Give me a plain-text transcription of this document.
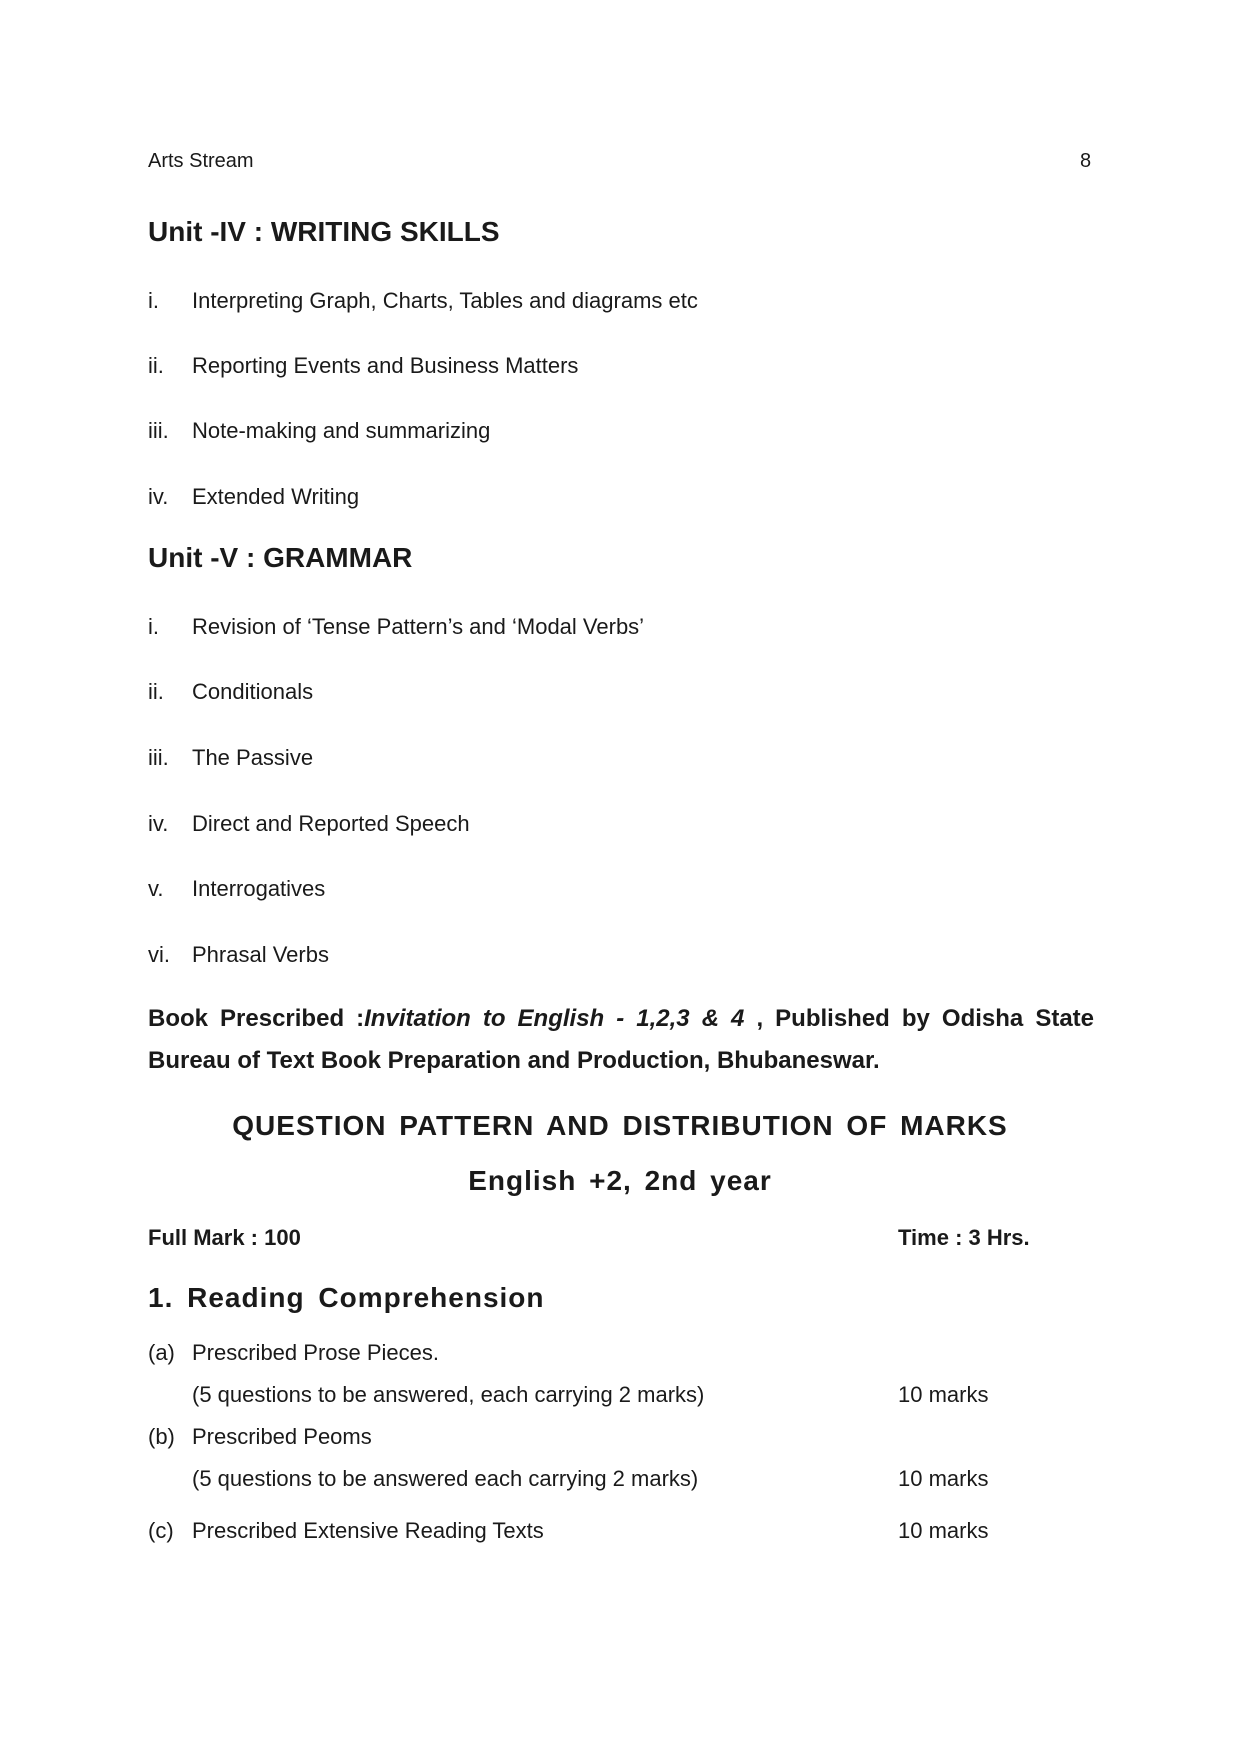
Arts Stream	8
Unit -IV : WRITING SKILLS
i. Interpreting Graph, Charts, Tables and diagrams etc
ii. Reporting Events and Business Matters
iii. Note-making and summarizing
iv. Extended Writing
Unit -V : GRAMMAR
i. Revision of ‘Tense Pattern’s and ‘Modal Verbs’
ii. Conditionals
iii. The Passive
iv. Direct and Reported Speech
v. Interrogatives
vi. Phrasal Verbs
Book Prescribed :Invitation to English - 1,2,3 & 4 , Published by Odisha State Bureau of Text Book Preparation and Production, Bhubaneswar.
QUESTION PATTERN AND DISTRIBUTION OF MARKS
English +2, 2nd year
Full Mark : 100	Time : 3 Hrs.
1. Reading Comprehension
(a) Prescribed Prose Pieces.
(5 questions to be answered, each carrying 2 marks)	10 marks
(b) Prescribed Peoms
(5 questions to be answered each carrying 2 marks)	10 marks
(c) Prescribed Extensive Reading Texts	10 marks
